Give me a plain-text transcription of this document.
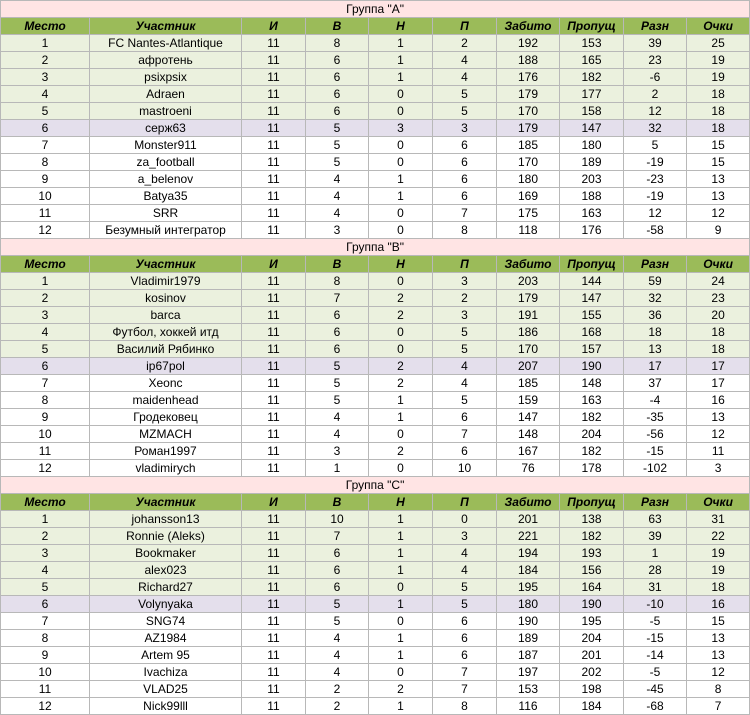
Группа "A"									
Место	Участник	И	В	Н	П	Забито	Пропущ	Разн	Очки
1	FC Nantes-Atlantique	11	8	1	2	192	153	39	25
2	афротень	11	6	1	4	188	165	23	19
3	psixpsix	11	6	1	4	176	182	-6	19
4	Adraen	11	6	0	5	179	177	2	18
5	mastroeni	11	6	0	5	170	158	12	18
6	серж63	11	5	3	3	179	147	32	18
7	Monster911	11	5	0	6	185	180	5	15
8	za_football	11	5	0	6	170	189	-19	15
9	a_belenov	11	4	1	6	180	203	-23	13
10	Batya35	11	4	1	6	169	188	-19	13
11	SRR	11	4	0	7	175	163	12	12
12	Безумный интегратор	11	3	0	8	118	176	-58	9
Группа "B"									
Место	Участник	И	В	Н	П	Забито	Пропущ	Разн	Очки
1	Vladimir1979	11	8	0	3	203	144	59	24
2	kosinov	11	7	2	2	179	147	32	23
3	barca	11	6	2	3	191	155	36	20
4	Футбол, хоккей итд	11	6	0	5	186	168	18	18
5	Василий Рябинко	11	6	0	5	170	157	13	18
6	ip67pol	11	5	2	4	207	190	17	17
7	Xeonc	11	5	2	4	185	148	37	17
8	maidenhead	11	5	1	5	159	163	-4	16
9	Гродековец	11	4	1	6	147	182	-35	13
10	MZMACH	11	4	0	7	148	204	-56	12
11	Роман1997	11	3	2	6	167	182	-15	11
12	vladimirych	11	1	0	10	76	178	-102	3
Группа "C"									
Место	Участник	И	В	Н	П	Забито	Пропущ	Разн	Очки
1	johansson13	11	10	1	0	201	138	63	31
2	Ronnie (Aleks)	11	7	1	3	221	182	39	22
3	Bookmaker	11	6	1	4	194	193	1	19
4	alex023	11	6	1	4	184	156	28	19
5	Richard27	11	6	0	5	195	164	31	18
6	Volynyaka	11	5	1	5	180	190	-10	16
7	SNG74	11	5	0	6	190	195	-5	15
8	AZ1984	11	4	1	6	189	204	-15	13
9	Artem 95	11	4	1	6	187	201	-14	13
10	Ivachiza	11	4	0	7	197	202	-5	12
11	VLAD25	11	2	2	7	153	198	-45	8
12	Nick99lll	11	2	1	8	116	184	-68	7
